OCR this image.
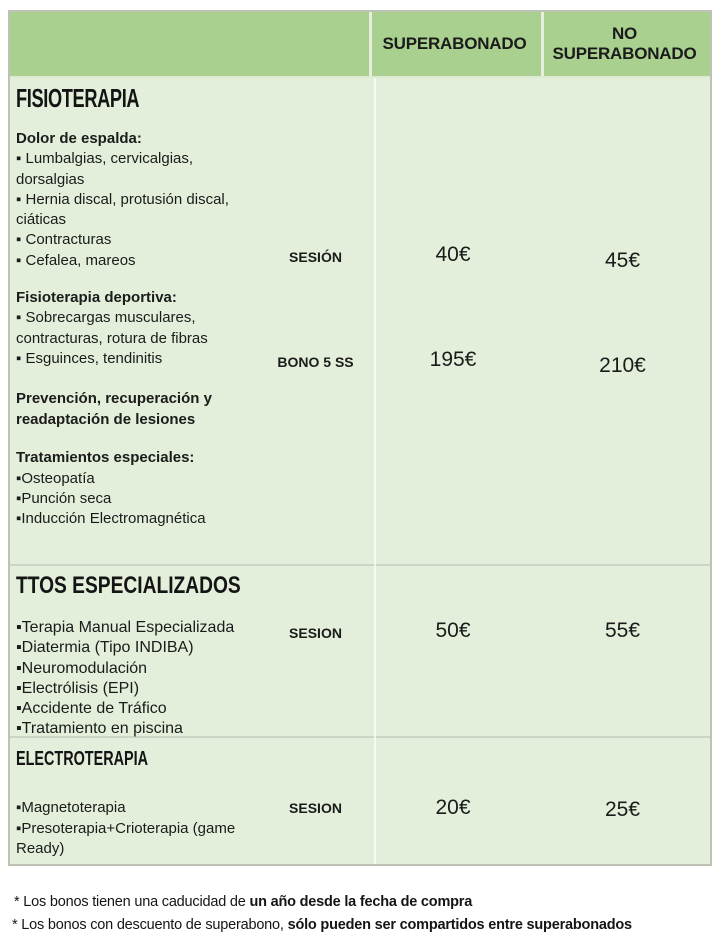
SUPERABONADO
NO SUPERABONADO
FISIOTERAPIA

Dolor de espalda:

▪ Lumbalgias, cervicalgias, dorsalgias
▪ Hernia discal, protusión discal, ciáticas
▪ Contracturas
▪ Cefalea, mareos

Fisioterapia deportiva:

▪ Sobrecargas musculares, contracturas, rotura de fibras
▪ Esguinces, tendinitis

Prevención, recuperación y readaptación de lesiones

Tratamientos especiales:

▪Osteopatía
▪Punción seca
▪Inducción Electromagnética
SESIÓN	40€	45€
BONO 5 SS	195€	210€
TTOS ESPECIALIZADOS
▪Terapia Manual Especializada
▪Diatermia (Tipo INDIBA)
▪Neuromodulación
▪Electrólisis (EPI)
▪Accidente de Tráfico
▪Tratamiento en piscina
SESION	50€	55€
ELECTROTERAPIA
▪Magnetoterapia
▪Presoterapia+Crioterapia (game Ready)
SESION	20€	25€

* Los bonos tienen una caducidad de un año desde la fecha de compra

* Los bonos con descuento de superabono, sólo pueden ser compartidos entre superabonados
